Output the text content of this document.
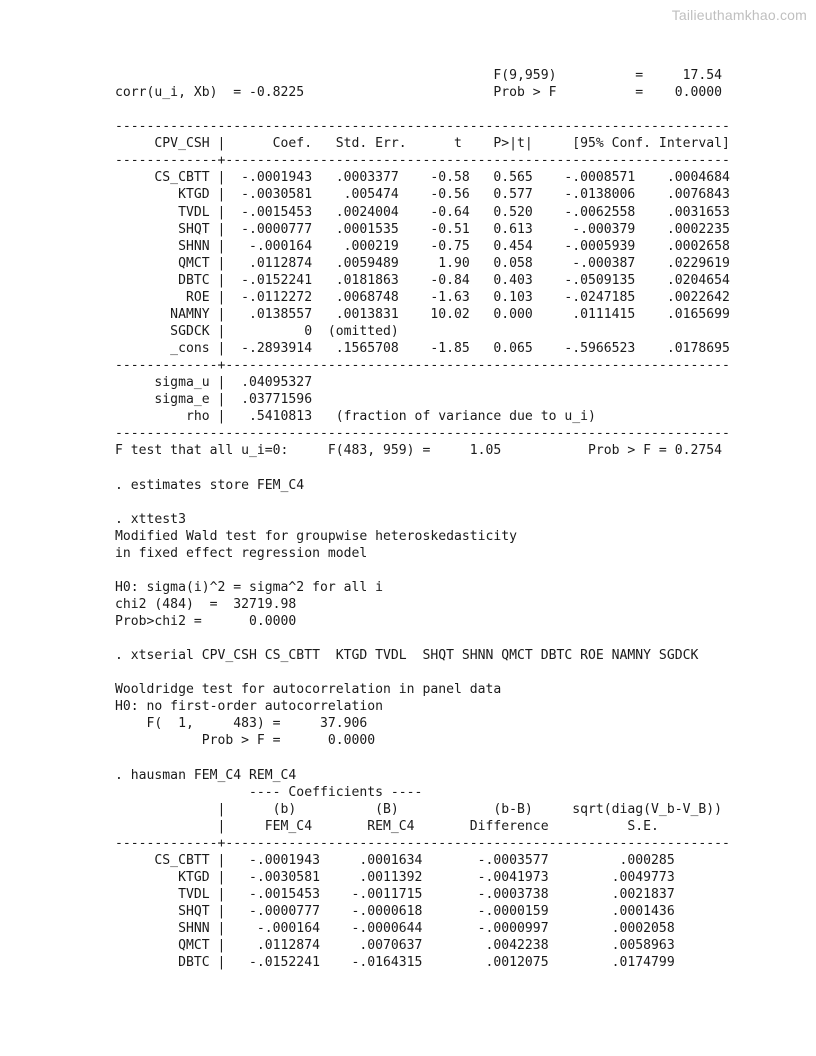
Tailieuthamkhao.com
F(9,959)          =     17.54
corr(u_i, Xb)  = -0.8225                        Prob > F          =    0.0000
------------------------------------------------------------------------------
CPV_CSH |      Coef.   Std. Err.      t    P>|t|     [95% Conf. Interval]
-------------+----------------------------------------------------------------
CS_CBTT |  -.0001943   .0003377    -0.58   0.565    -.0008571    .0004684
KTGD |  -.0030581    .005474    -0.56   0.577    -.0138006    .0076843
TVDL |  -.0015453   .0024004    -0.64   0.520    -.0062558    .0031653
SHQT |  -.0000777   .0001535    -0.51   0.613     -.000379    .0002235
SHNN |   -.000164    .000219    -0.75   0.454    -.0005939    .0002658
QMCT |   .0112874   .0059489     1.90   0.058     -.000387    .0229619
DBTC |  -.0152241   .0181863    -0.84   0.403    -.0509135    .0204654
ROE |  -.0112272   .0068748    -1.63   0.103    -.0247185    .0022642
NAMNY |   .0138557   .0013831    10.02   0.000     .0111415    .0165699
SGDCK |          0  (omitted)
_cons |  -.2893914   .1565708    -1.85   0.065    -.5966523    .0178695
-------------+----------------------------------------------------------------
sigma_u |  .04095327
sigma_e |  .03771596
rho |   .5410813   (fraction of variance due to u_i)
------------------------------------------------------------------------------
F test that all u_i=0:     F(483, 959) =     1.05           Prob > F = 0.2754
. estimates store FEM_C4
. xttest3
Modified Wald test for groupwise heteroskedasticity
in fixed effect regression model
H0: sigma(i)^2 = sigma^2 for all i
chi2 (484)  =  32719.98
Prob>chi2 =      0.0000
. xtserial CPV_CSH CS_CBTT  KTGD TVDL  SHQT SHNN QMCT DBTC ROE NAMNY SGDCK
Wooldridge test for autocorrelation in panel data
H0: no first-order autocorrelation
F(  1,     483) =     37.906
Prob > F =      0.0000
. hausman FEM_C4 REM_C4
---- Coefficients ----
|      (b)          (B)            (b-B)     sqrt(diag(V_b-V_B))
|     FEM_C4       REM_C4       Difference          S.E.
-------------+----------------------------------------------------------------
CS_CBTT |   -.0001943     .0001634       -.0003577         .000285
KTGD |   -.0030581     .0011392       -.0041973        .0049773
TVDL |   -.0015453    -.0011715       -.0003738        .0021837
SHQT |   -.0000777    -.0000618       -.0000159        .0001436
SHNN |    -.000164    -.0000644       -.0000997        .0002058
QMCT |    .0112874     .0070637        .0042238        .0058963
DBTC |   -.0152241    -.0164315        .0012075        .0174799
